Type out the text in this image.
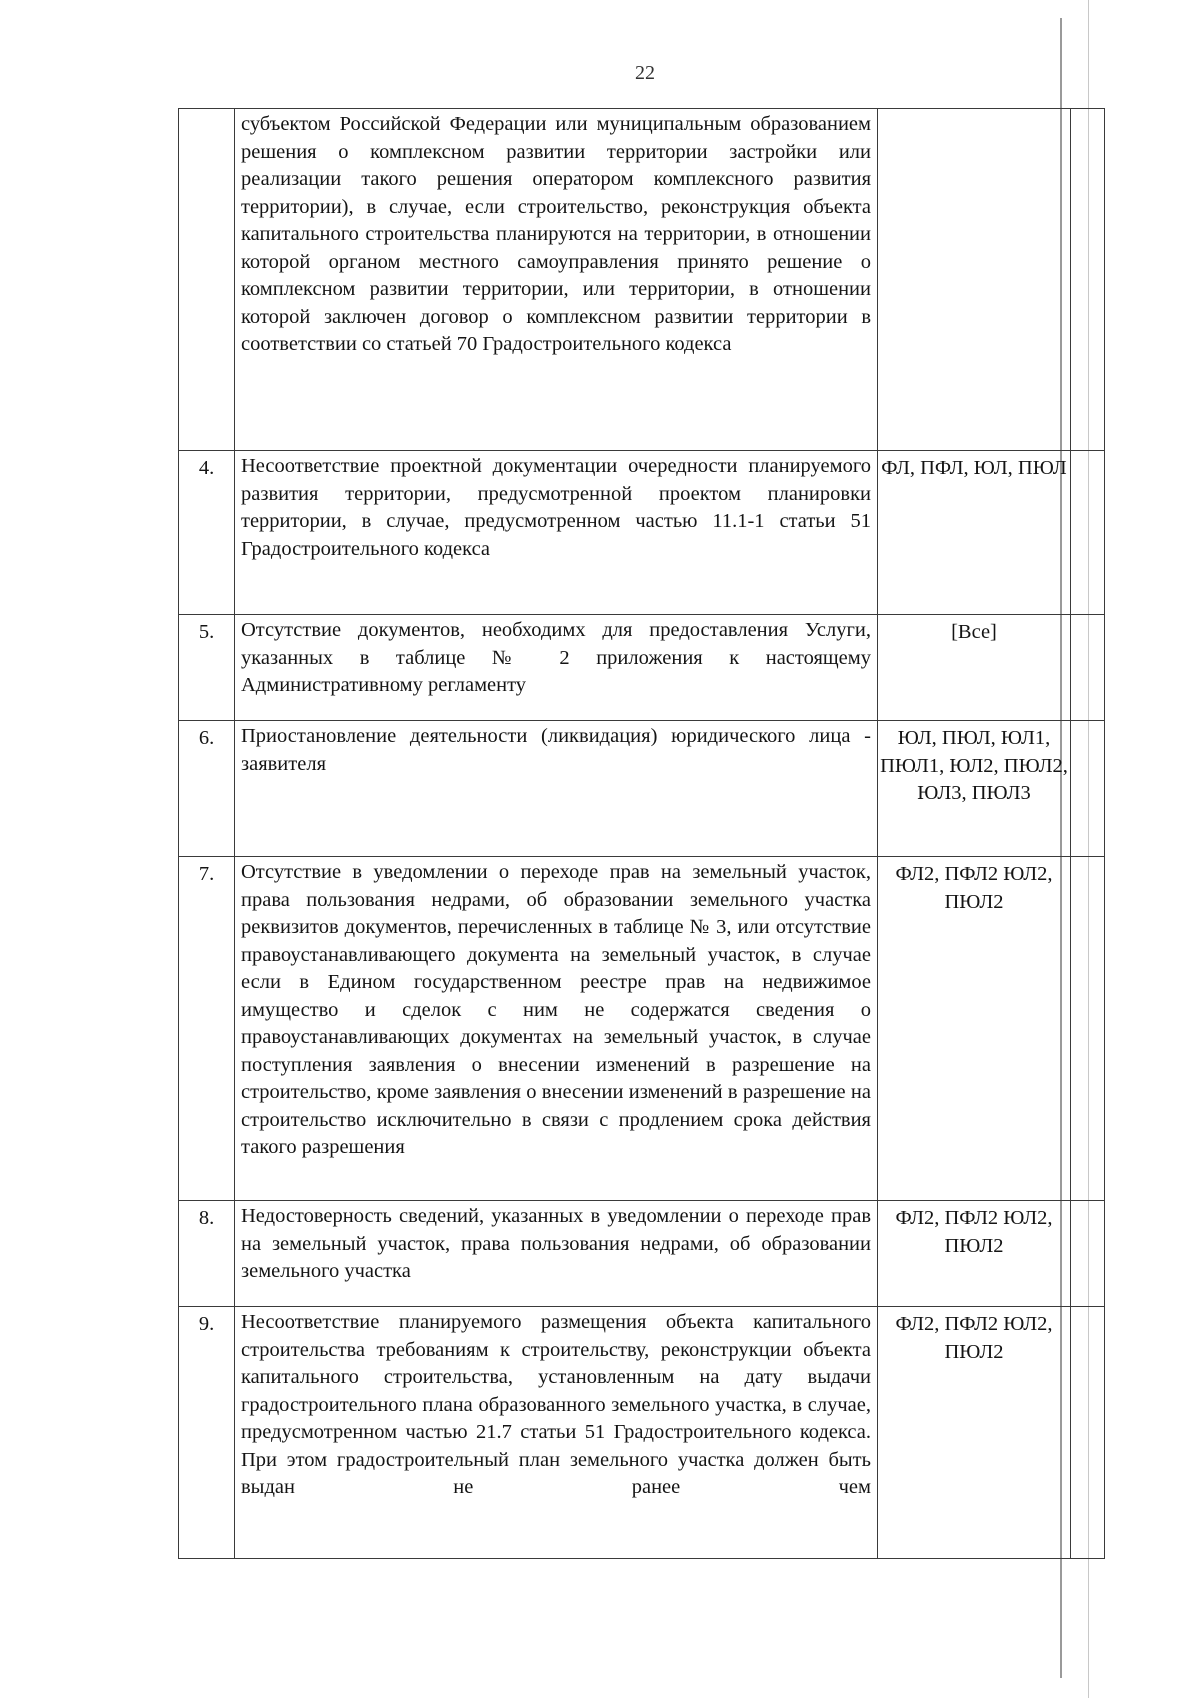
22
	субъектом Российской Федерации или муниципальным образованием решения о комплексном развитии территории застройки или реализации такого решения оператором комплексного развития территории), в случае, если строительство, реконструкция объекта капитального строительства планируются на территории, в отношении которой органом местного самоуправления принято решение о комплексном развитии территории, или территории, в отношении которой заключен договор о комплексном развитии территории в соответствии со статьей 70 Градостроительного кодекса		
4.	Несоответствие проектной документации очередности планируемого развития территории, предусмотренной проектом планировки территории, в случае, предусмотренном частью 11.1-1 статьи 51 Градостроительного кодекса	ФЛ, ПФЛ, ЮЛ, ПЮЛ	
5.	Отсутствие документов, необходимх для предоставления Услуги, указанных в таблице № 2 приложения к настоящему Административному регламенту	[Все]	
6.	Приостановление деятельности (ликвидация) юридического лица - заявителя	ЮЛ, ПЮЛ, ЮЛ1, ПЮЛ1, ЮЛ2, ПЮЛ2, ЮЛ3, ПЮЛ3	
7.	Отсутствие в уведомлении о переходе прав на земельный участок, права пользования недрами, об образовании земельного участка реквизитов документов, перечисленных в таблице № 3, или отсутствие правоустанавливающего документа на земельный участок, в случае если в Едином государственном реестре прав на недвижимое имущество и сделок с ним не содержатся сведения о правоустанавливающих документах на земельный участок, в случае поступления заявления о внесении изменений в разрешение на строительство, кроме заявления о внесении изменений в разрешение на строительство исключительно в связи с продлением срока действия такого разрешения	ФЛ2, ПФЛ2 ЮЛ2, ПЮЛ2	
8.	Недостоверность сведений, указанных в уведомлении о переходе прав на земельный участок, права пользования недрами, об образовании земельного участка	ФЛ2, ПФЛ2 ЮЛ2, ПЮЛ2	
9.	Несоответствие планируемого размещения объекта капитального строительства требованиям к строительству, реконструкции объекта капитального строительства, установленным на дату выдачи градостроительного плана образованного земельного участка, в случае, предусмотренном частью 21.7 статьи 51 Градостроительного кодекса. При этом градостроительный план земельного участка должен быть выдан не ранее чем	ФЛ2, ПФЛ2 ЮЛ2, ПЮЛ2	
